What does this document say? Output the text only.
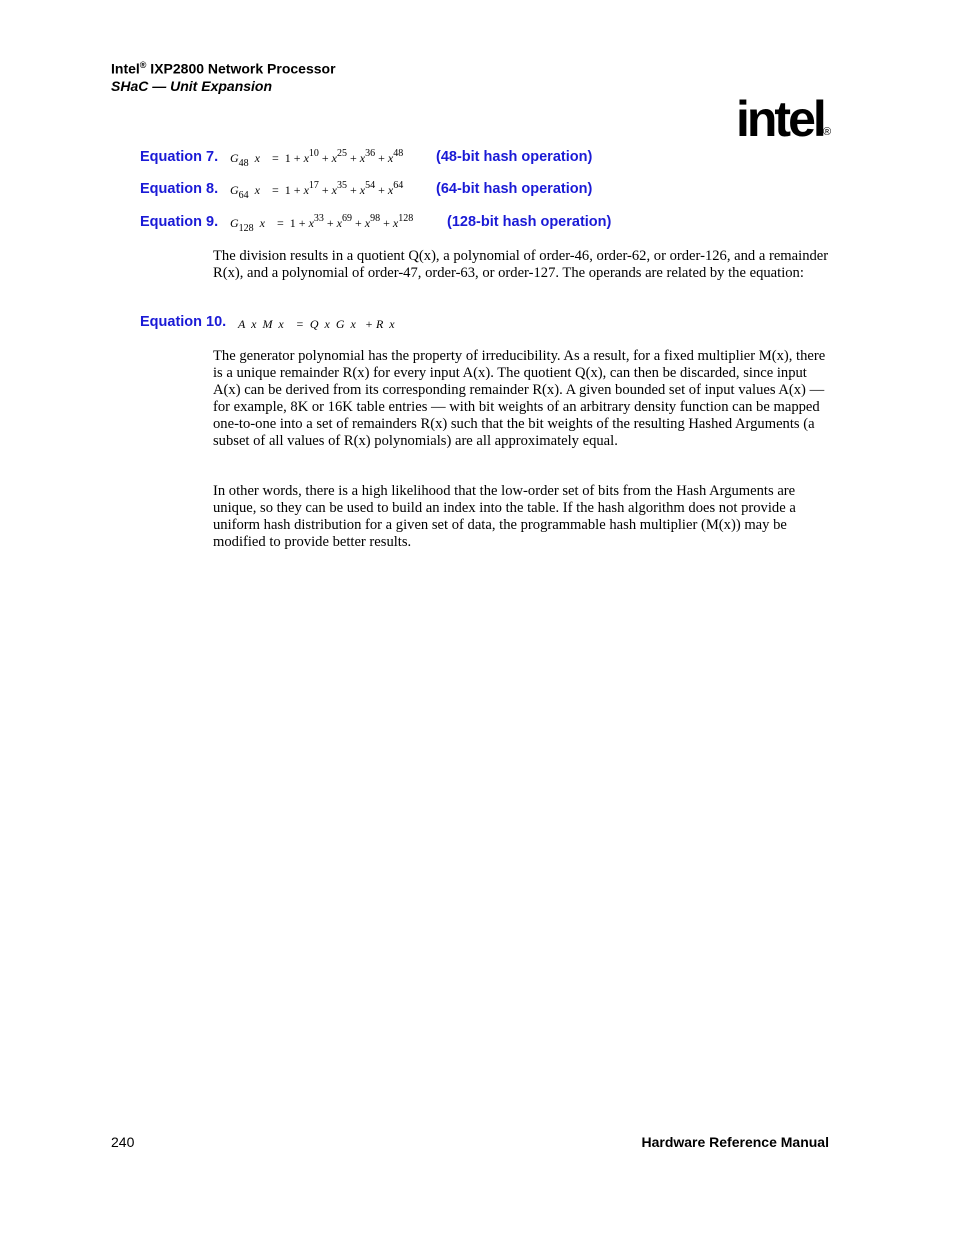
Intel® IXP2800 Network Processor
SHaC — Unit Expansion
intel ®
Equation 7. $G_{48}$ $x = 1 + x^{10} + x^{25} + x^{36} + x^{48}$ (48-bit hash operation)
Equation 8. $G_{64}$ $x = 1 + x^{17} + x^{35} + x^{54} + x^{64}$ (64-bit hash operation)
Equation 9. $G_{128}$ $x = 1 + x^{33} + x^{69} + x^{98} + x^{128}$ (128-bit hash operation)
The division results in a quotient Q(x), a polynomial of order-46, order-62, or order-126, and a remainder R(x), and a polynomial of order-47, order-63, or order-127. The operands are related by the equation:
Equation 10. A  x  M  x    =  Q  x  G  x   + R  x
The generator polynomial has the property of irreducibility. As a result, for a fixed multiplier M(x), there is a unique remainder R(x) for every input A(x). The quotient Q(x), can then be discarded, since input A(x) can be derived from its corresponding remainder R(x). A given bounded set of input values A(x) — for example, 8K or 16K table entries — with bit weights of an arbitrary density function can be mapped one-to-one into a set of remainders R(x) such that the bit weights of the resulting Hashed Arguments (a subset of all values of R(x) polynomials) are all approximately equal.
In other words, there is a high likelihood that the low-order set of bits from the Hash Arguments are unique, so they can be used to build an index into the table. If the hash algorithm does not provide a uniform hash distribution for a given set of data, the programmable hash multiplier (M(x)) may be modified to provide better results.
240	Hardware Reference Manual
